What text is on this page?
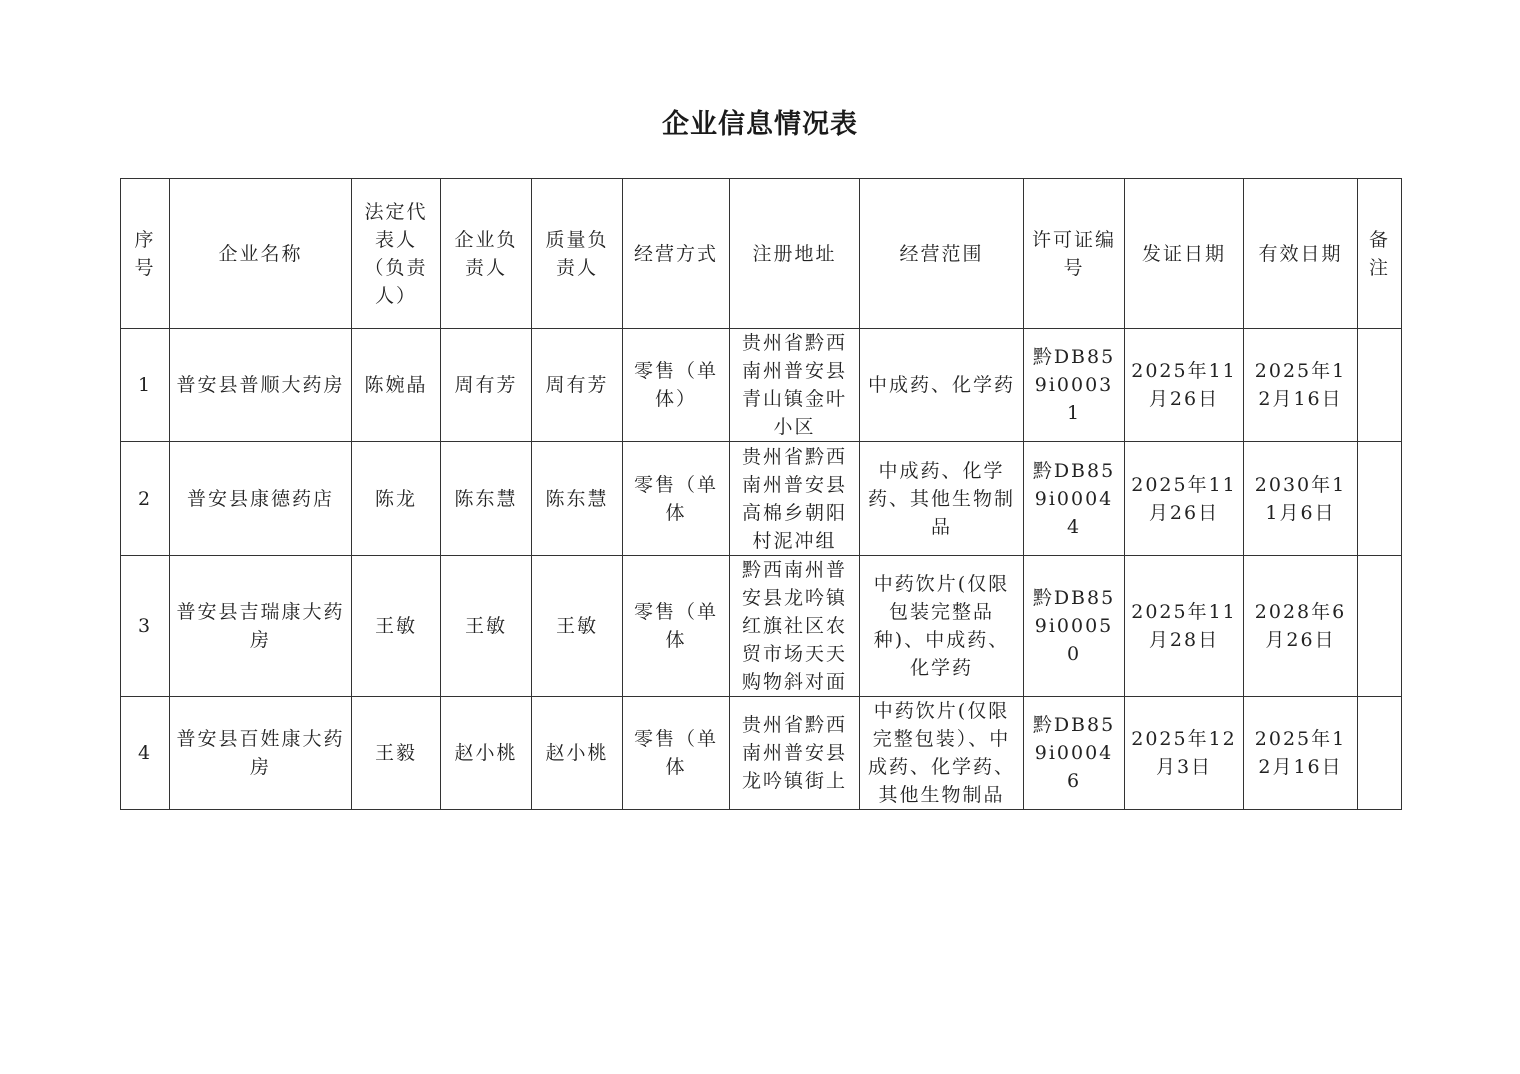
企业信息情况表
序号	企业名称	法定代表人（负责人）	企业负责人	质量负责人	经营方式	注册地址	经营范围	许可证编号	发证日期	有效日期	备注
1	普安县普顺大药房	陈婉晶	周有芳	周有芳	零售（单体）	贵州省黔西南州普安县青山镇金叶小区	中成药、化学药	黔DB859i00031	2025年11月26日	2025年12月16日	
2	普安县康德药店	陈龙	陈东慧	陈东慧	零售（单体	贵州省黔西南州普安县高棉乡朝阳村泥冲组	中成药、化学药、其他生物制品	黔DB859i00044	2025年11月26日	2030年11月6日	
3	普安县吉瑞康大药房	王敏	王敏	王敏	零售（单体	黔西南州普安县龙吟镇红旗社区农贸市场天天购物斜对面	中药饮片(仅限包装完整品种)、中成药、化学药	黔DB859i00050	2025年11月28日	2028年6月26日	
4	普安县百姓康大药房	王毅	赵小桃	赵小桃	零售（单体	贵州省黔西南州普安县龙吟镇街上	中药饮片(仅限完整包装）、中成药、化学药、其他生物制品	黔DB859i00046	2025年12月3日	2025年12月16日	
